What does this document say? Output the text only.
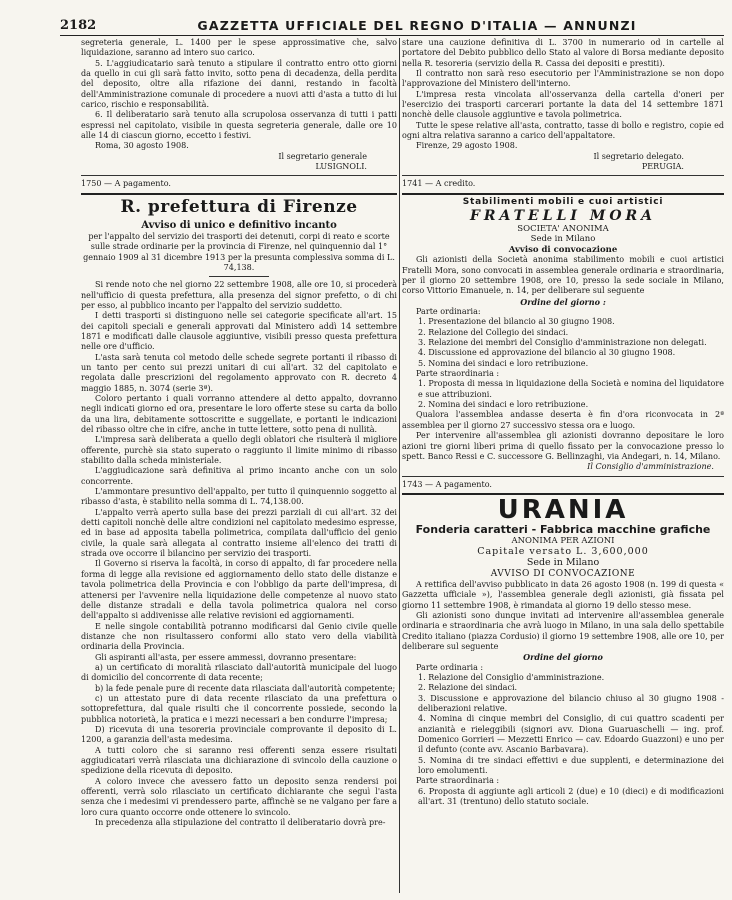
2182	GAZZETTA UFFICIALE DEL REGNO D'ITALIA — ANNUNZI

segreteria generale, L. 1400 per le spese approssimative che, salvo liquidazione, saranno ad intero suo carico.

5. L'aggiudicatario sarà tenuto a stipulare il contratto entro otto giorni da quello in cui gli sarà fatto invito, sotto pena di decadenza, della perdita del deposito, oltre alla rifazione dei danni, restando in facoltà dell'Amministrazione comunale di procedere a nuovi atti d'asta a tutto di lui carico, rischio e responsabilità.

6. Il deliberatario sarà tenuto alla scrupolosa osservanza di tutti i patti espressi nel capitolato, visibile in questa segreteria generale, dalle ore 10 alle 14 di ciascun giorno, eccetto i festivi.

Roma, 30 agosto 1908.

Il segretario generale

LUSIGNOLI.

1750
— A pagamento.

R. prefettura di Firenze
Avviso di unico e definitivo incanto

per l'appalto del servizio dei trasporti dei detenuti, corpi di reato e scorte sulle strade ordinarie per la provincia di Firenze, nel quinquennio dal 1° gennaio 1909 al 31 dicembre 1913 per la presunta complessiva somma di L. 74,138.

Si rende noto che nel giorno 22 settembre 1908, alle ore 10, si procederà nell'ufficio di questa prefettura, alla presenza del signor prefetto, o di chi per esso, al pubblico incanto per l'appalto del servizio suddetto.

I detti trasporti si distinguono nelle sei categorie specificate all'art. 15 dei capitoli speciali e generali approvati dal Ministero addì 14 settembre 1871 e modificati dalle clausole aggiuntive, visibili presso questa prefettura nelle ore d'ufficio.

L'asta sarà tenuta col metodo delle schede segrete portanti il ribasso di un tanto per cento sui prezzi unitari di cui all'art. 32 del capitolato e regolata dalle prescrizioni del regolamento approvato con R. decreto 4 maggio 1885, n. 3074 (serie 3ª).

Coloro pertanto i quali vorranno attendere al detto appalto, dovranno negli indicati giorno ed ora, presentare le loro offerte stese su carta da bollo da una lira, debitamente sottoscritte e suggellate, e portanti le indicazioni del ribasso oltre che in cifre, anche in tutte lettere, sotto pena di nullità.

L'impresa sarà deliberata a quello degli oblatori che risulterà il migliore offerente, purchè sia stato superato o raggiunto il limite minimo di ribasso stabilito dalla scheda ministeriale.

L'aggiudicazione sarà definitiva al primo incanto anche con un solo concorrente.

L'ammontare presuntivo dell'appalto, per tutto il quinquennio soggetto al ribasso d'asta, è stabilito nella somma di L. 74,138.00.

L'appalto verrà aperto sulla base dei prezzi parziali di cui all'art. 32 dei detti capitoli nonchè delle altre condizioni nel capitolato medesimo espresse, ed in base ad apposita tabella polimetrica, compilata dall'ufficio del genio civile, la quale sarà allegata al contratto insieme all'elenco dei tratti di strada ove occorre il bilancino per servizio dei trasporti.

Il Governo si riserva la facoltà, in corso di appalto, di far procedere nella forma di legge alla revisione ed aggiornamento dello stato delle distanze e tavola polimetrica della Provincia e con l'obbligo da parte dell'impresa, di attenersi per l'avvenire nella liquidazione delle competenze al nuovo stato delle distanze stradali e della tavola polimetrica qualora nel corso dell'appalto si addivenisse alle relative revisioni ed aggiornamenti.

E nelle singole contabilità potranno modificarsi dal Genio civile quelle distanze che non risultassero conformi allo stato vero della viabilità ordinaria della Provincia.

Gli aspiranti all'asta, per essere ammessi, dovranno presentare:

a) un certificato di moralità rilasciato dall'autorità municipale del luogo di domicilio del concorrente di data recente;

b) la fede penale pure di recente data rilasciata dall'autorità competente;

c) un attestato pure di data recente rilasciato da una prefettura o sottoprefettura, dal quale risulti che il concorrente possiede, secondo la pubblica notorietà, la pratica e i mezzi necessari a ben condurre l'impresa;

D) ricevuta di una tesoreria provinciale comprovante il deposito di L. 1200, a garanzia dell'asta medesima.

A tutti coloro che si saranno resi offerenti senza essere risultati aggiudicatari verrà rilasciata una dichiarazione di svincolo della cauzione o spedizione della ricevuta di deposito.

A coloro invece che avessero fatto un deposito senza rendersi poi offerenti, verrà solo rilasciato un certificato dichiarante che seguì l'asta senza che i medesimi vi prendessero parte, affinchè se ne valgano per fare a loro cura quanto occorre onde ottenere lo svincolo.

In precedenza alla stipulazione del contratto il deliberatario dovrà pre-

stare una cauzione definitiva di L. 3700 in numerario od in cartelle al portatore del Debito pubblico dello Stato al valore di Borsa mediante deposito nella R. tesoreria (servizio della R. Cassa dei depositi e prestiti).

Il contratto non sarà reso esecutorio per l'Amministrazione se non dopo l'approvazione del Ministero dell'interno.

L'impresa resta vincolata all'osservanza della cartella d'oneri per l'esercizio dei trasporti carcerari portante la data del 14 settembre 1871 nonchè delle clausole aggiuntive e tavola polimetrica.

Tutte le spese relative all'asta, contratto, tasse di bollo e registro, copie ed ogni altra relativa saranno a carico dell'appaltatore.

Firenze, 29 agosto 1908.

Il segretario delegato.

PERUGIA.

1741
— A credito.

Stabilimenti mobili e cuoi artistici
FRATELLI MORA
SOCIETA' ANONIMA
Sede in Milano
Avviso di convocazione

Gli azionisti della Società anonima stabilimento mobili e cuoi artistici Fratelli Mora, sono convocati in assemblea generale ordinaria e straordinaria, per il giorno 20 settembre 1908, ore 10, presso la sede sociale in Milano, corso Vittorio Emanuele, n. 14, per deliberare sul seguente

Ordine del giorno :

Parte ordinaria:

1. Presentazione del bilancio al 30 giugno 1908.

2. Relazione del Collegio dei sindaci.

3. Relazione dei membri del Consiglio d'amministrazione non delegati.

4. Discussione ed approvazione del bilancio al 30 giugno 1908.

5. Nomina dei sindaci e loro retribuzione.

Parte straordinaria :

1. Proposta di messa in liquidazione della Società e nomina del liquidatore e sue attribuzioni.

2. Nomina dei sindaci e loro retribuzione.

Qualora l'assemblea andasse deserta è fin d'ora riconvocata in 2ª assemblea per il giorno 27 successivo stessa ora e luogo.

Per intervenire all'assemblea gli azionisti dovranno depositare le loro azioni tre giorni liberi prima di quello fissato per la convocazione presso lo spett. Banco Ressi e C. successore G. Bellinzaghi, via Andegari, n. 14, Milano.

Il Consiglio d'amministrazione.

1743
— A pagamento.

URANIA
Fonderia caratteri - Fabbrica macchine grafiche
ANONIMA PER AZIONI
Capitale versato L. 3,600,000
Sede in Milano
AVVISO DI CONVOCAZIONE

A rettifica dell'avviso pubblicato in data 26 agosto 1908 (n. 199 di questa « Gazzetta ufficiale »), l'assemblea generale degli azionisti, già fissata pel giorno 11 settembre 1908, è rimandata al giorno 19 dello stesso mese.

Gli azionisti sono dunque invitati ad intervenire all'assemblea generale ordinaria e straordinaria che avrà luogo in Milano, in una sala dello spettabile Credito italiano (piazza Cordusio) il giorno 19 settembre 1908, alle ore 10, per deliberare sul seguente

Ordine del giorno

Parte ordinaria :

1. Relazione del Consiglio d'amministrazione.

2. Relazione dei sindaci.

3. Discussione e approvazione del bilancio chiuso al 30 giugno 1908 - deliberazioni relative.

4. Nomina di cinque membri del Consiglio, di cui quattro scadenti per anzianità e rieleggibili (signori avv. Diona Guaruaschelli — ing. prof. Domenico Gorrieri — Mezzetti Enrico — cav. Edoardo Guazzoni) e uno per il defunto (conte avv. Ascanio Barbavara).

5. Nomina di tre sindaci effettivi e due supplenti, e determinazione dei loro emolumenti.

Parte straordinaria :

6. Proposta di aggiunte agli articoli 2 (due) e 10 (dieci) e di modificazioni all'art. 31 (trentuno) dello statuto sociale.
